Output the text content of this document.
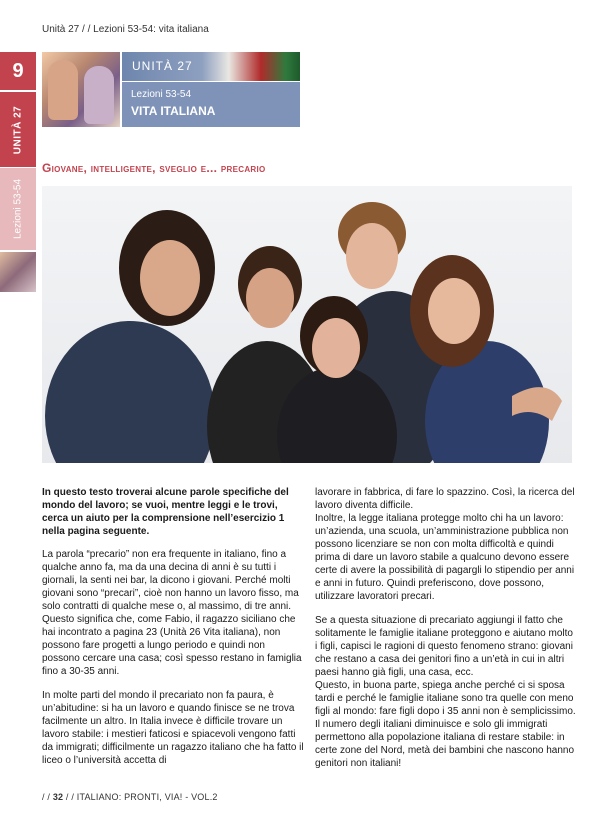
Unità 27 / / Lezioni 53-54: vita italiana
UNITÀ 27
Lezioni 53-54
VITA ITALIANA
9
UNITÀ 27
Lezioni 53-54
Giovane, intelligente, sveglio e... precario
In questo testo troverai alcune parole specifiche del mondo del lavoro; se vuoi, mentre leggi e le trovi, cerca un aiuto per la comprensione nell’esercizio 1 nella pagina seguente.

La parola “precario” non era frequente in italiano, fino a qualche anno fa, ma da una decina di anni è su tutti i giornali, la senti nei bar, la dicono i giovani. Perché molti giovani sono “precari”, cioè non hanno un lavoro fisso, ma solo contratti di qualche mese o, al massimo, di tre anni.

Questo significa che, come Fabio, il ragazzo siciliano che hai incontrato a pagina 23 (Unità 26 Vita italiana), non possono fare progetti a lungo periodo e quindi non possono cercare una casa; così spesso restano in famiglia fino a 30-35 anni.

In molte parti del mondo il precariato non fa paura, è un’abitudine: si ha un lavoro e quando finisce se ne trova facilmente un altro. In Italia invece è difficile trovare un lavoro stabile: i mestieri faticosi e spiacevoli vengono fatti da immigrati; difficilmente un ragazzo italiano che ha fatto il liceo o l’università accetta di

lavorare in fabbrica, di fare lo spazzino. Così, la ricerca del lavoro diventa difficile.

Inoltre, la legge italiana protegge molto chi ha un lavoro: un’azienda, una scuola, un’amministrazione pubblica non possono licenziare se non con molta difficoltà e quindi prima di dare un lavoro stabile a qualcuno devono essere certe di avere la possibilità di pagargli lo stipendio per anni e anni in futuro. Quindi preferiscono, dove possono, utilizzare lavoratori precari.

Se a questa situazione di precariato aggiungi il fatto che solitamente le famiglie italiane proteggono e aiutano molto i figli, capisci le ragioni di questo fenomeno strano: giovani che restano a casa dei genitori fino a un’età in cui in altri paesi hanno già figli, una casa, ecc.

Questo, in buona parte, spiega anche perché ci si sposa tardi e perché le famiglie italiane sono tra quelle con meno figli al mondo: fare figli dopo i 35 anni non è semplicissimo.

Il numero degli italiani diminuisce e solo gli immigrati permettono alla popolazione italiana di restare stabile: in certe zone del Nord, metà dei bambini che nascono hanno genitori non italiani!

/ / 32 / / ITALIANO: PRONTI, VIA! - VOL.2
